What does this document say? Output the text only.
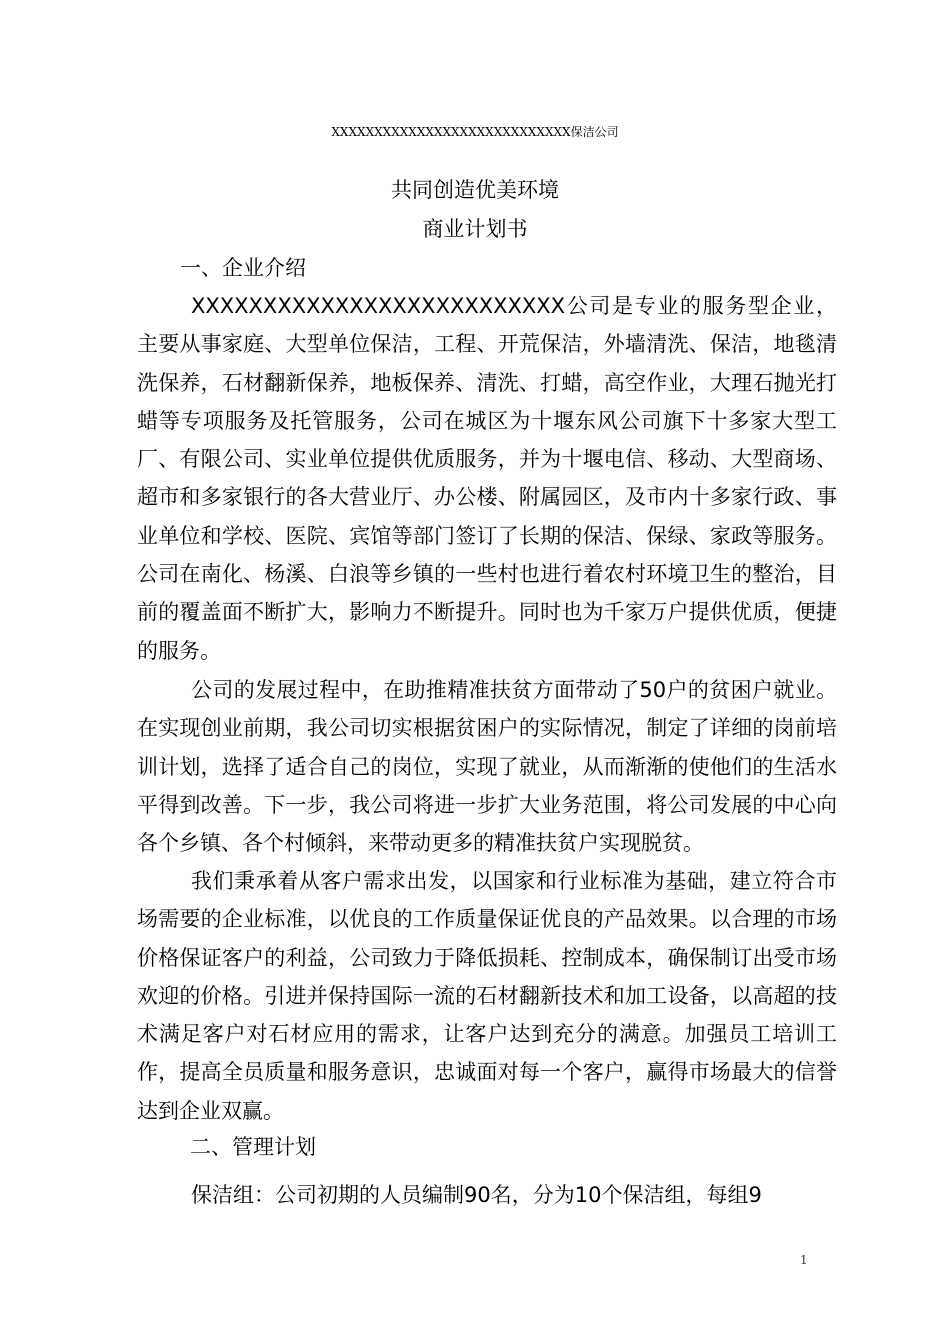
XXXXXXXXXXXXXXXXXXXXXXXXXXXX保洁公司
共同创造优美环境
商业计划书
一、企业介绍
XXXXXXXXXXXXXXXXXXXXXXXXXX公司是专业的服务型企业，主要从事家庭、大型单位保洁，工程、开荒保洁，外墙清洗、保洁，地毯清洗保养，石材翻新保养，地板保养、清洗、打蜡，高空作业，大理石抛光打蜡等专项服务及托管服务，公司在城区为十堰东风公司旗下十多家大型工厂、有限公司、实业单位提供优质服务，并为十堰电信、移动、大型商场、超市和多家银行的各大营业厅、办公楼、附属园区，及市内十多家行政、事业单位和学校、医院、宾馆等部门签订了长期的保洁、保绿、家政等服务。公司在南化、杨溪、白浪等乡镇的一些村也进行着农村环境卫生的整治，目前的覆盖面不断扩大，影响力不断提升。同时也为千家万户提供优质，便捷的服务。
公司的发展过程中，在助推精准扶贫方面带动了50户的贫困户就业。在实现创业前期，我公司切实根据贫困户的实际情况，制定了详细的岗前培训计划，选择了适合自己的岗位，实现了就业，从而渐渐的使他们的生活水平得到改善。下一步，我公司将进一步扩大业务范围，将公司发展的中心向各个乡镇、各个村倾斜，来带动更多的精准扶贫户实现脱贫。
我们秉承着从客户需求出发，以国家和行业标准为基础，建立符合市场需要的企业标准，以优良的工作质量保证优良的产品效果。以合理的市场价格保证客户的利益，公司致力于降低损耗、控制成本，确保制订出受市场欢迎的价格。引进并保持国际一流的石材翻新技术和加工设备，以高超的技术满足客户对石材应用的需求，让客户达到充分的满意。加强员工培训工作，提高全员质量和服务意识，忠诚面对每一个客户，赢得市场最大的信誉达到企业双赢。
二、管理计划
保洁组：公司初期的人员编制90名，分为10个保洁组，每组9
1
